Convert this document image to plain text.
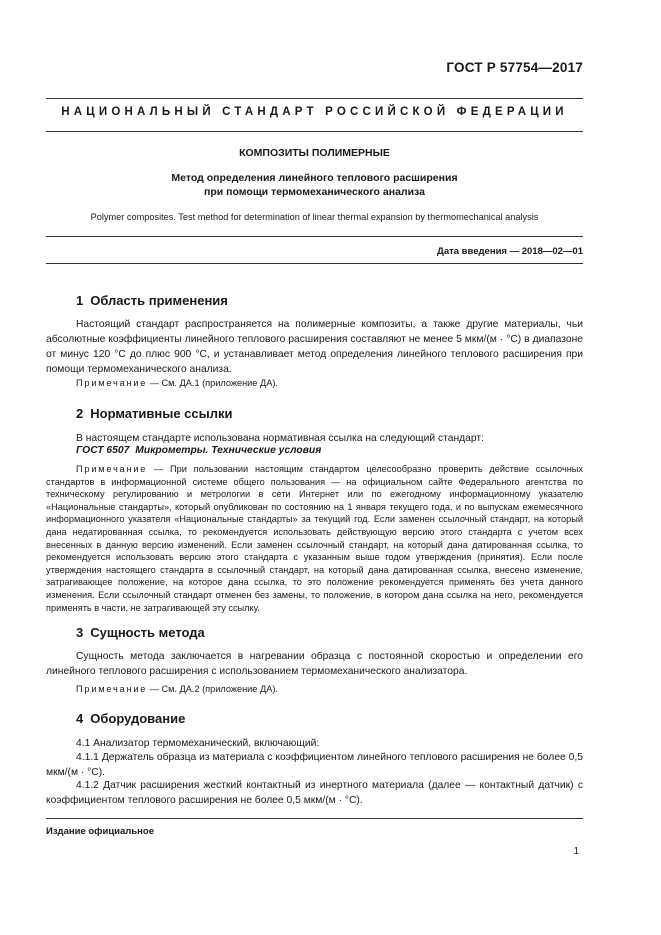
ГОСТ Р 57754—2017
НАЦИОНАЛЬНЫЙ СТАНДАРТ РОССИЙСКОЙ ФЕДЕРАЦИИ
КОМПОЗИТЫ ПОЛИМЕРНЫЕ
Метод определения линейного теплового расширения
при помощи термомеханического анализа
Polymer composites. Test method for determination of linear thermal expansion by thermomechanical analysis
Дата введения — 2018—02—01
1 Область применения

Настоящий стандарт распространяется на полимерные композиты, а также другие материалы, чьи абсолютные коэффициенты линейного теплового расширения составляют не менее 5 мкм/(м · °С) в диапазоне от минус 120 °С до плюс 900 °С, и устанавливает метод определения линейного теплового расширения при помощи термомеханического анализа.

Примечание — См. ДА.1 (приложение ДА).

2 Нормативные ссылки

В настоящем стандарте использована нормативная ссылка на следующий стандарт:

ГОСТ 6507 Микрометры. Технические условия

Примечание — При пользовании настоящим стандартом целесообразно проверить действие ссылочных стандартов в информационной системе общего пользования — на официальном сайте Федерального агентства по техническому регулированию и метрологии в сети Интернет или по ежегодному информационному указателю «Национальные стандарты», который опубликован по состоянию на 1 января текущего года, и по выпускам ежемесячного информационного указателя «Национальные стандарты» за текущий год. Если заменен ссылочный стандарт, на который дана недатированная ссылка, то рекомендуется использовать действующую версию этого стандарта с учетом всех внесенных в данную версию изменений. Если заменен ссылочный стандарт, на который дана датированная ссылка, то рекомендуется использовать версию этого стандарта с указанным выше годом утверждения (принятия). Если после утверждения настоящего стандарта в ссылочный стандарт, на который дана датированная ссылка, внесено изменение, затрагивающее положение, на которое дана ссылка, то это положение рекомендуется применять без учета данного изменения. Если ссылочный стандарт отменен без замены, то положение, в котором дана ссылка на него, рекомендуется применять в части, не затрагивающей эту ссылку.

3 Сущность метода

Сущность метода заключается в нагревании образца с постоянной скоростью и определении его линейного теплового расширения с использованием термомеханического анализатора.

Примечание — См. ДА.2 (приложение ДА).

4 Оборудование

4.1 Анализатор термомеханический, включающий:

4.1.1 Держатель образца из материала с коэффициентом линейного теплового расширения не более 0,5 мкм/(м · °С).

4.1.2 Датчик расширения жесткий контактный из инертного материала (далее — контактный датчик) с коэффициентом теплового расширения не более 0,5 мкм/(м · °С).

Издание официальное
1
